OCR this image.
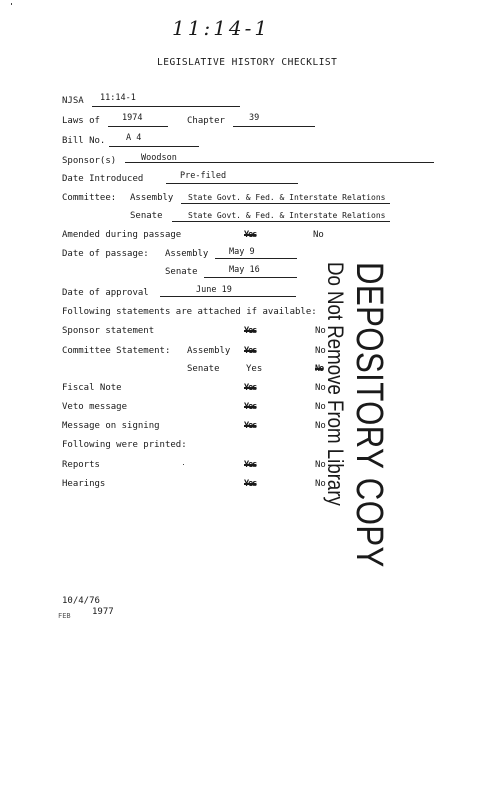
11:14-1
LEGISLATIVE HISTORY CHECKLIST
NJSA 11:14-1
Laws of	1974	Chapter	39
Bill No. A 4
Sponsor(s)	Woodson
Date Introduced	Pre-filed
Committee: Assembly State Govt. & Fed. & Interstate Relations
Senate	State Govt. & Fed. & Interstate Relations
Amended during passage	Yes	No
Date of passage: Assembly May 9
Senate	May 16
Date of approval	June 19
Following statements are attached if available:
Sponsor statement	Yes	No
Committee Statement: Assembly Yes	No
Senate	Yes	No
Fiscal Note	Yes	No
Veto message	Yes	No
Message on signing	Yes	No
Following were printed:
Reports	Yes	No
Hearings	Yes	No
10/4/76
FEB 1977
DEPOSITORY COPY
Do Not Remove From Library
